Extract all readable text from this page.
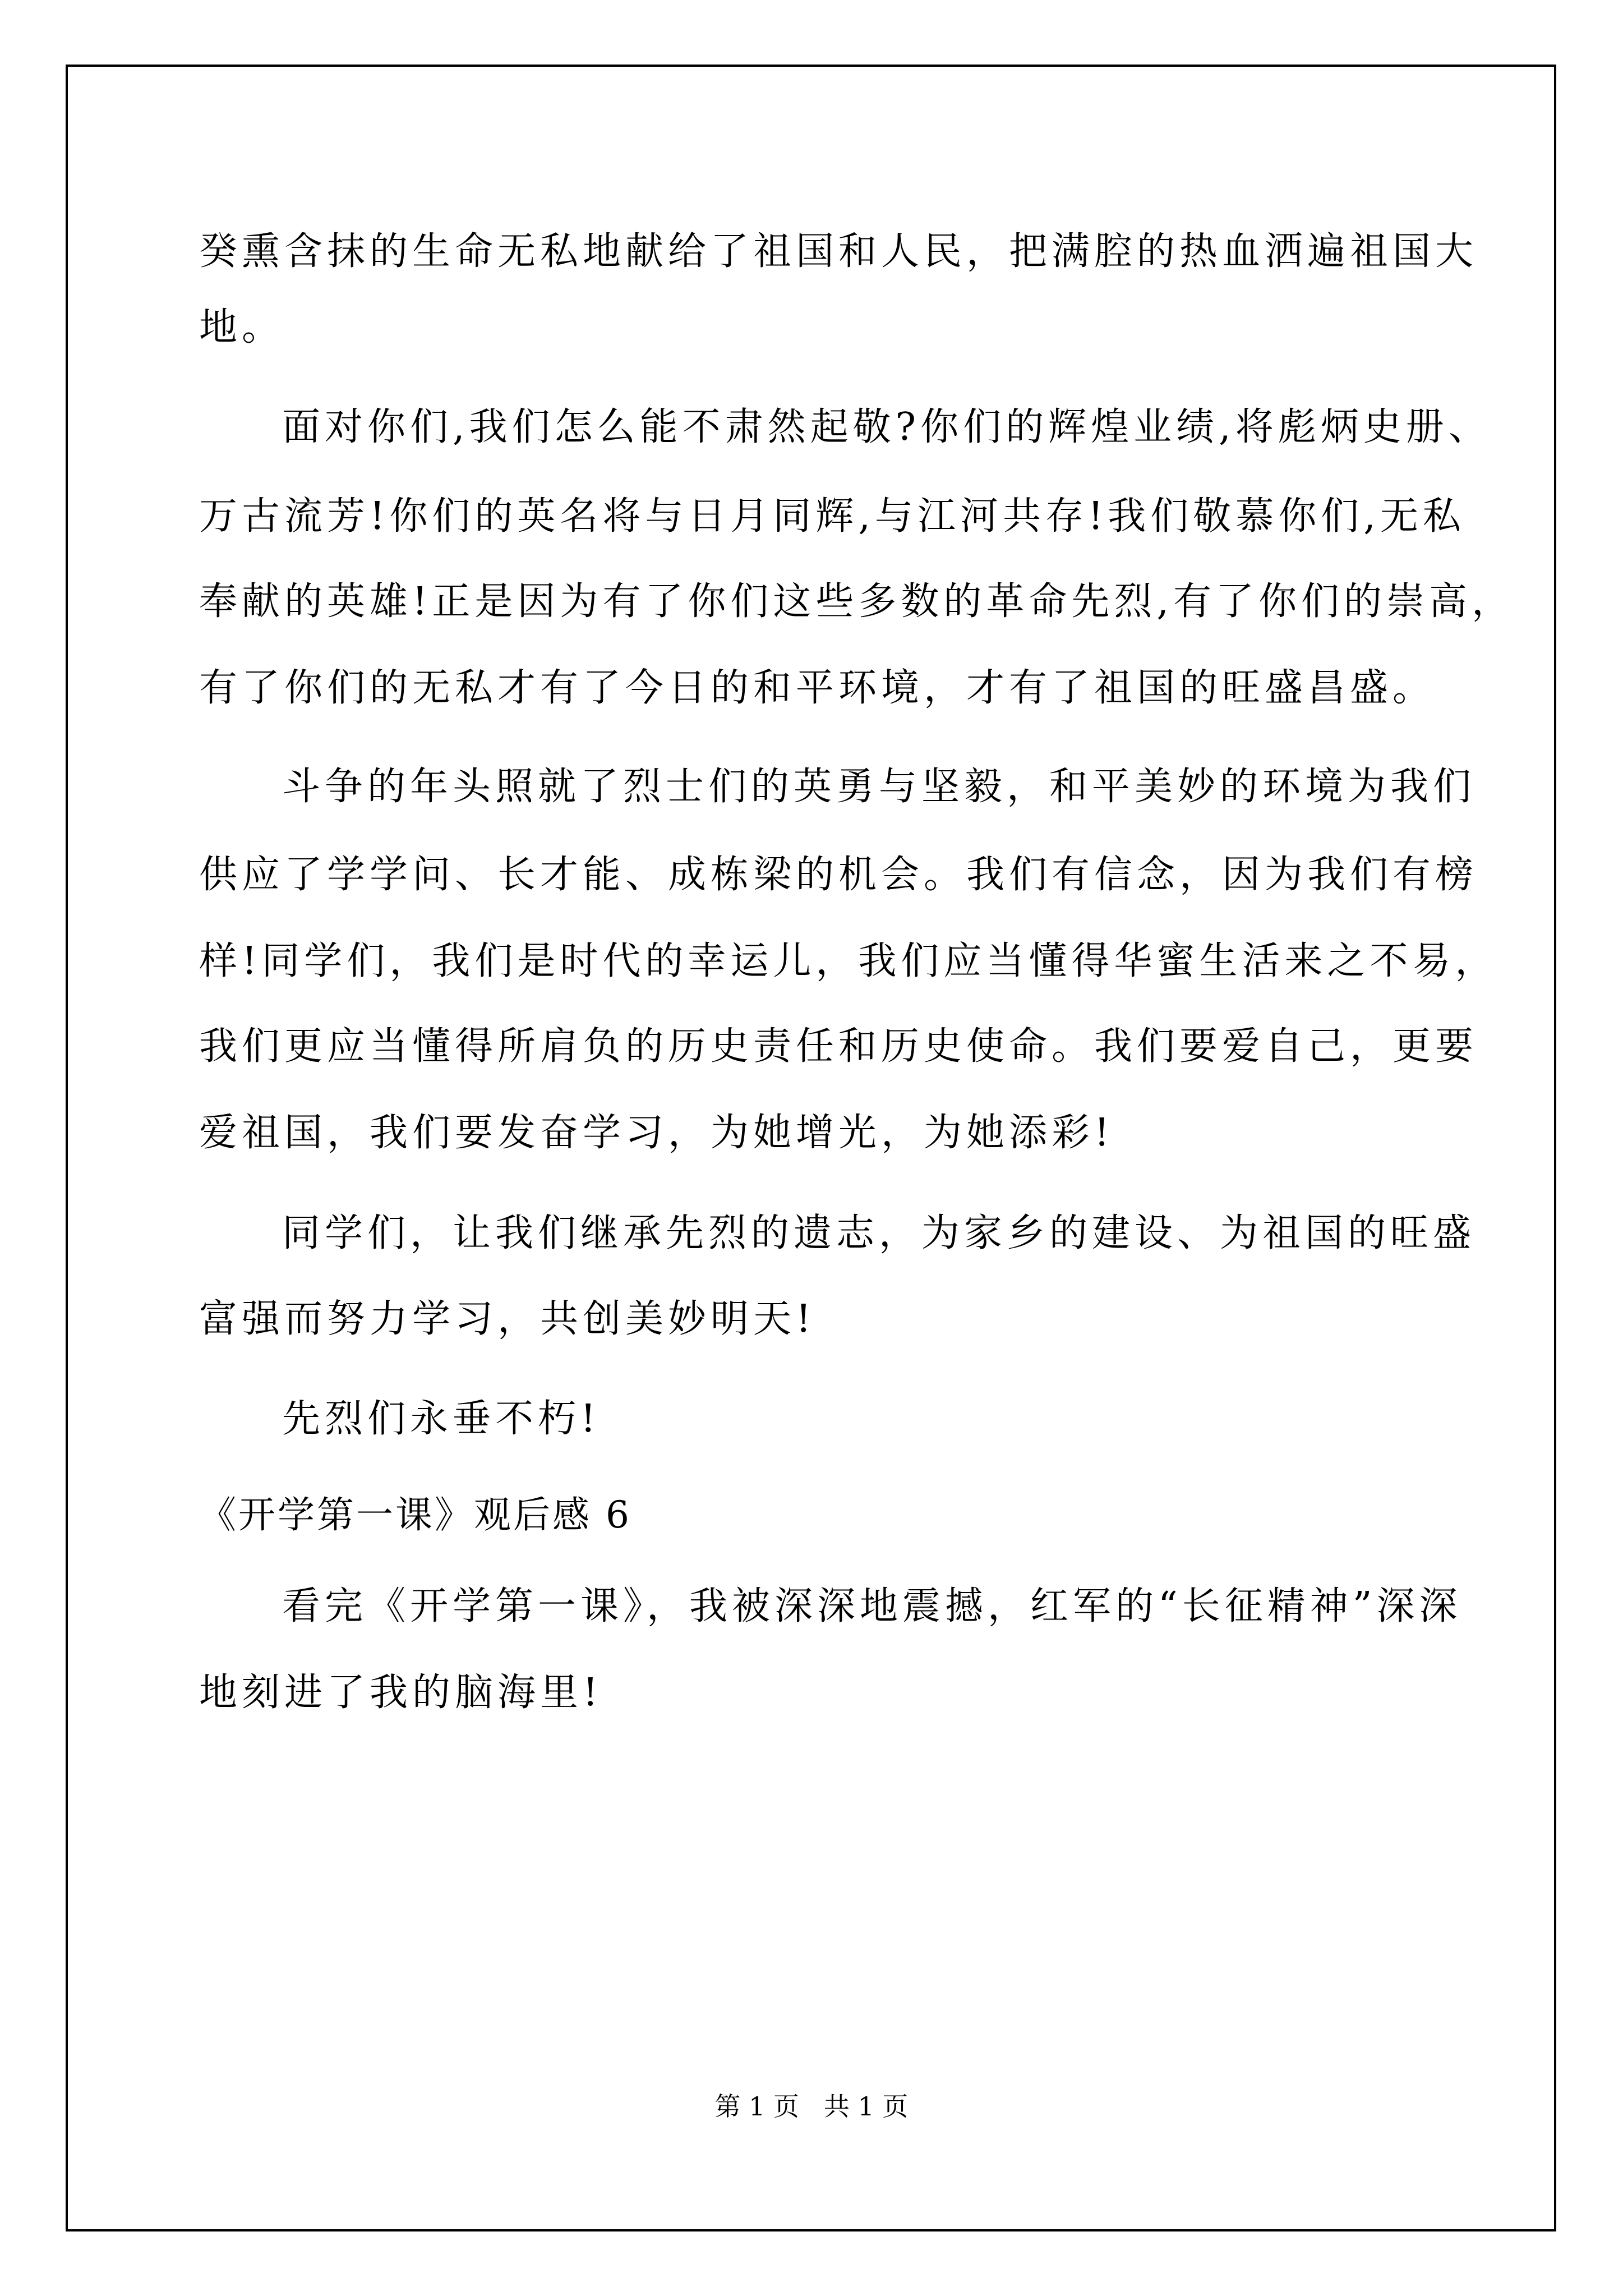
癸熏含抹的生命无私地献给了祖国和人民，把满腔的热血洒遍祖国大
地。
面对你们,我们怎么能不肃然起敬?你们的辉煌业绩,将彪炳史册、
万古流芳!你们的英名将与日月同辉,与江河共存!我们敬慕你们,无私
奉献的英雄!正是因为有了你们这些多数的革命先烈,有了你们的崇高，
有了你们的无私才有了今日的和平环境，才有了祖国的旺盛昌盛。
斗争的年头照就了烈士们的英勇与坚毅，和平美妙的环境为我们
供应了学学问、长才能、成栋梁的机会。我们有信念，因为我们有榜
样!同学们，我们是时代的幸运儿，我们应当懂得华蜜生活来之不易，
我们更应当懂得所肩负的历史责任和历史使命。我们要爱自己，更要
爱祖国，我们要发奋学习，为她增光，为她添彩!
同学们，让我们继承先烈的遗志，为家乡的建设、为祖国的旺盛
富强而努力学习，共创美妙明天!
先烈们永垂不朽!
《开学第一课》观后感 6
看完《开学第一课》，我被深深地震撼，红军的“长征精神”深深
地刻进了我的脑海里!
第 1 页   共 1 页
